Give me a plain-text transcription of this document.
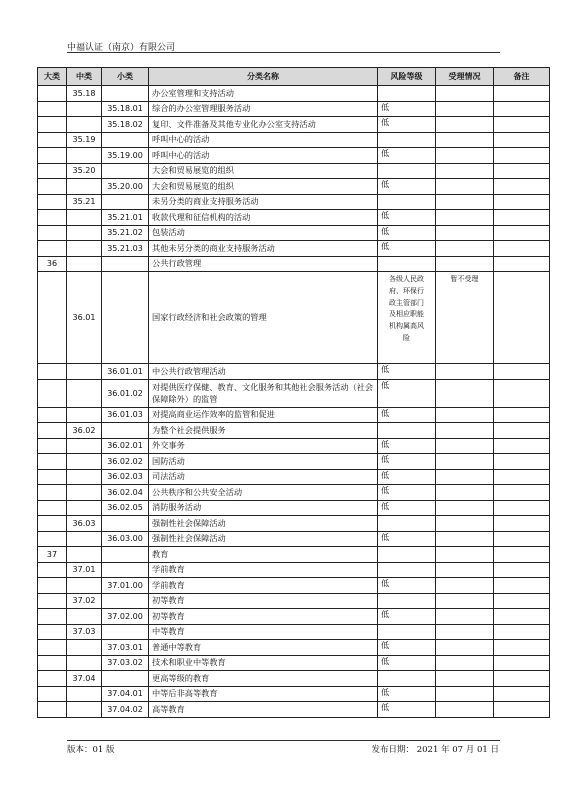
中福认证（南京）有限公司
大类	中类	小类	分类名称	风险等级	受理情况	备注
	35.18		办公室管理和支持活动			
		35.18.01	综合的办公室管理服务活动	低		
		35.18.02	复印、文件准备及其他专业化办公室支持活动	低		
	35.19		呼叫中心的活动			
		35.19.00	呼叫中心的活动	低		
	35.20		大会和贸易展览的组织			
		35.20.00	大会和贸易展览的组织	低		
	35.21		未另分类的商业支持服务活动			
		35.21.01	收款代理和征信机构的活动	低		
		35.21.02	包装活动	低		
		35.21.03	其他未另分类的商业支持服务活动	低		
36			公共行政管理			
	36.01		国家行政经济和社会政策的管理	各级人民政府、环保行政主管部门及相应职能机构属高风险	暂不受理	

		36.01.01	中公共行政管理活动	低		
		36.01.02	对提供医疗保健、教育、文化服务和其他社会服务活动（社会保障除外）的监管	低		
		36.01.03	对提高商业运作效率的监管和促进	低		
	36.02		为整个社会提供服务			
		36.02.01	外交事务	低		
		36.02.02	国防活动	低		
		36.02.03	司法活动	低		
		36.02.04	公共秩序和公共安全活动	低		
		36.02.05	消防服务活动	低		
	36.03		强制性社会保障活动			
		36.03.00	强制性社会保障活动	低		
37			教育			
	37.01		学前教育			
		37.01.00	学前教育	低		
	37.02		初等教育			
		37.02.00	初等教育	低		
	37.03		中等教育			
		37.03.01	普通中等教育	低		
		37.03.02	技术和职业中等教育	低		
	37.04		更高等级的教育			
		37.04.01	中等后非高等教育	低		
		37.04.02	高等教育	低		
版本：01 版	发布日期： 2021 年 07 月 01 日
